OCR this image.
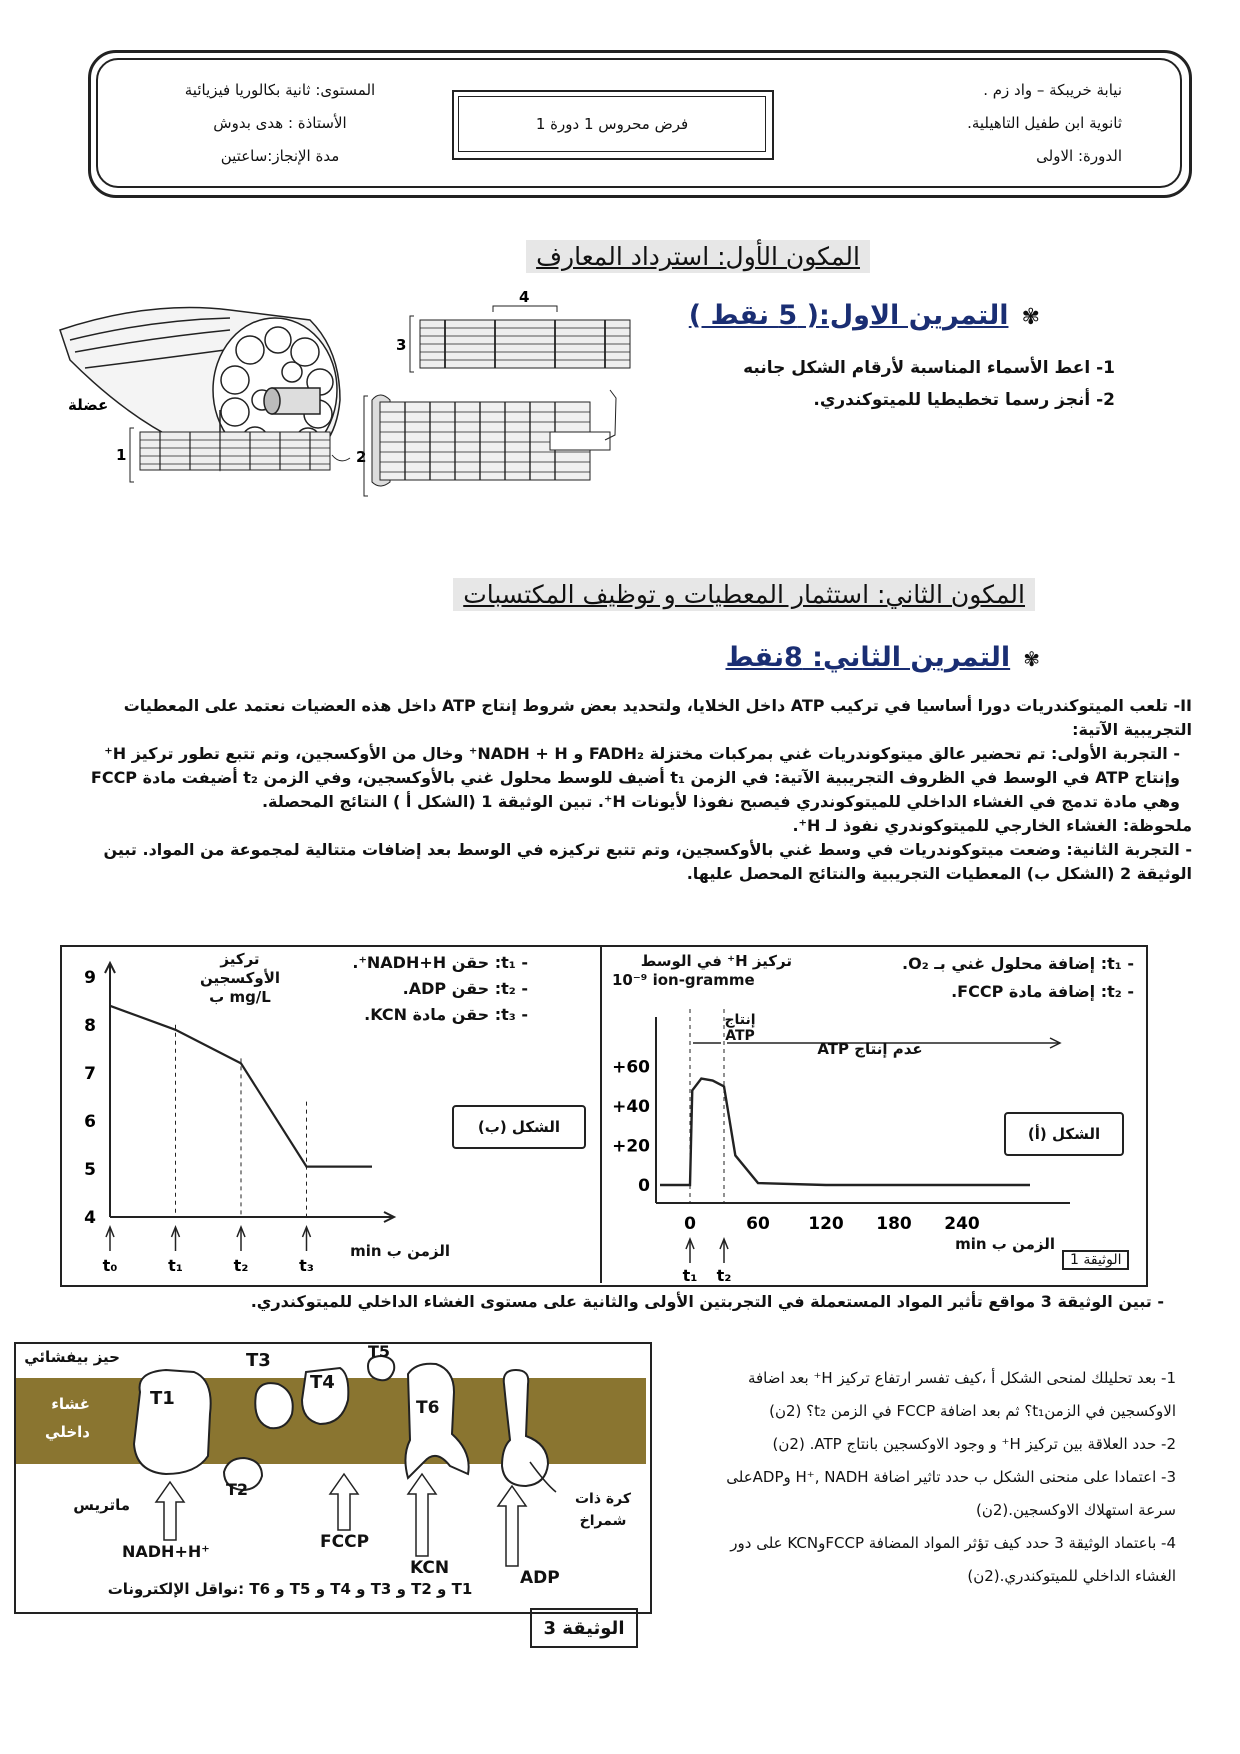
نيابة خريبكة – واد زم .
ثانوية ابن طفيل التاهيلية.
الدورة: الاولى
فرض محروس 1 دورة 1
المستوى: ثانية بكالوريا فيزيائية
الأستاذة : هدى بدوش
مدة الإنجاز:ساعتين
المكون الأول: استرداد المعارف
✾ التمرين الاول:( 5 نقط )
1- اعط الأسماء المناسبة لأرقام الشكل جانبه
2- أنجز رسما تخطيطيا للميتوكندري.
عضلة
1	2
3
4
المكون الثاني: استثمار المعطيات و توظيف المكتسبات
✾ التمرين الثاني: 8نقط
II- تلعب الميتوكندريات دورا أساسيا في تركيب ATP داخل الخلايا، ولتحديد بعض شروط إنتاج ATP داخل هذه العضيات نعتمد على المعطيات التجريبية الآتية:
- التجربة الأولى: تم تحضير عالق ميتوكوندريات غني بمركبات مختزلة FADH₂ و NADH + H⁺ وخال من الأوكسجين، وتم تتبع تطور تركيز H⁺ وإنتاج ATP في الوسط في الظروف التجريبية الآتية: في الزمن t₁ أضيف للوسط محلول غني بالأوكسجين، وفي الزمن t₂ أضيفت مادة FCCP وهي مادة تدمج في الغشاء الداخلي للميتوكوندري فيصبح نفوذا لأيونات H⁺. تبين الوثيقة 1 (الشكل أ ) النتائج المحصلة.
ملحوظة: الغشاء الخارجي للميتوكوندري نفوذ لـ H⁺.
- التجربة الثانية: وضعت ميتوكوندريات في وسط غني بالأوكسجين، وتم تتبع تركيزه في الوسط بعد إضافات متتالية لمجموعة من المواد. تبين الوثيقة 2 (الشكل ب) المعطيات التجريبية والنتائج المحصل عليها.
الوثيقة 1
4
5
6
7
8
9
t₀	t₁	t₂	t₃
تركيز الأوكسجين
mg/L ب
- t₁: حقن NADH+H⁺.
- t₂: حقن ADP.
- t₃: حقن مادة KCN.
الشكل (ب)
الزمن ب min
0
+20
+40
+60
0	60 120 180 240
t₁ t₂
تركيز H⁺ في الوسط
10⁻⁹ ion-gramme
- t₁: إضافة محلول غني بـ O₂.
- t₂: إضافة مادة FCCP.
الشكل (أ)
إنتاج
ATP
عدم إنتاج ATP
الزمن ب min
- تبين الوثيقة 3 مواقع تأثير المواد المستعملة في التجربتين الأولى والثانية على مستوى الغشاء الداخلي للميتوكندري.
T1
T2
T3
T4
T5
T6
حيز بيفشائي
غشاء داخلي
ماتريس
NADH+H⁺	FCCP
KCN	ADP
كرة ذات شمراخ
T1 و T2 و T3 و T4 و T5 و T6 :نواقل الإلكترونات
الوثيقة 3
1- بعد تحليلك لمنحى الشكل أ ،كيف تفسر ارتفاع تركيز H⁺ بعد اضافة
الاوكسجين في الزمنt₁؟ ثم بعد اضافة FCCP في الزمن t₂؟ (2ن)
2- حدد العلاقة بين تركيز H⁺ و وجود الاوكسجين بانتاج ATP. (2ن)
3- اعتمادا على منحنى الشكل ب حدد تاثير اضافة H⁺, NADH وADPعلى
سرعة استهلاك الاوكسجين.(2ن)
4- باعتماد الوثيقة 3 حدد كيف تؤثر المواد المضافة FCCPوKCN على دور
الغشاء الداخلي للميتوكندري.(2ن)
